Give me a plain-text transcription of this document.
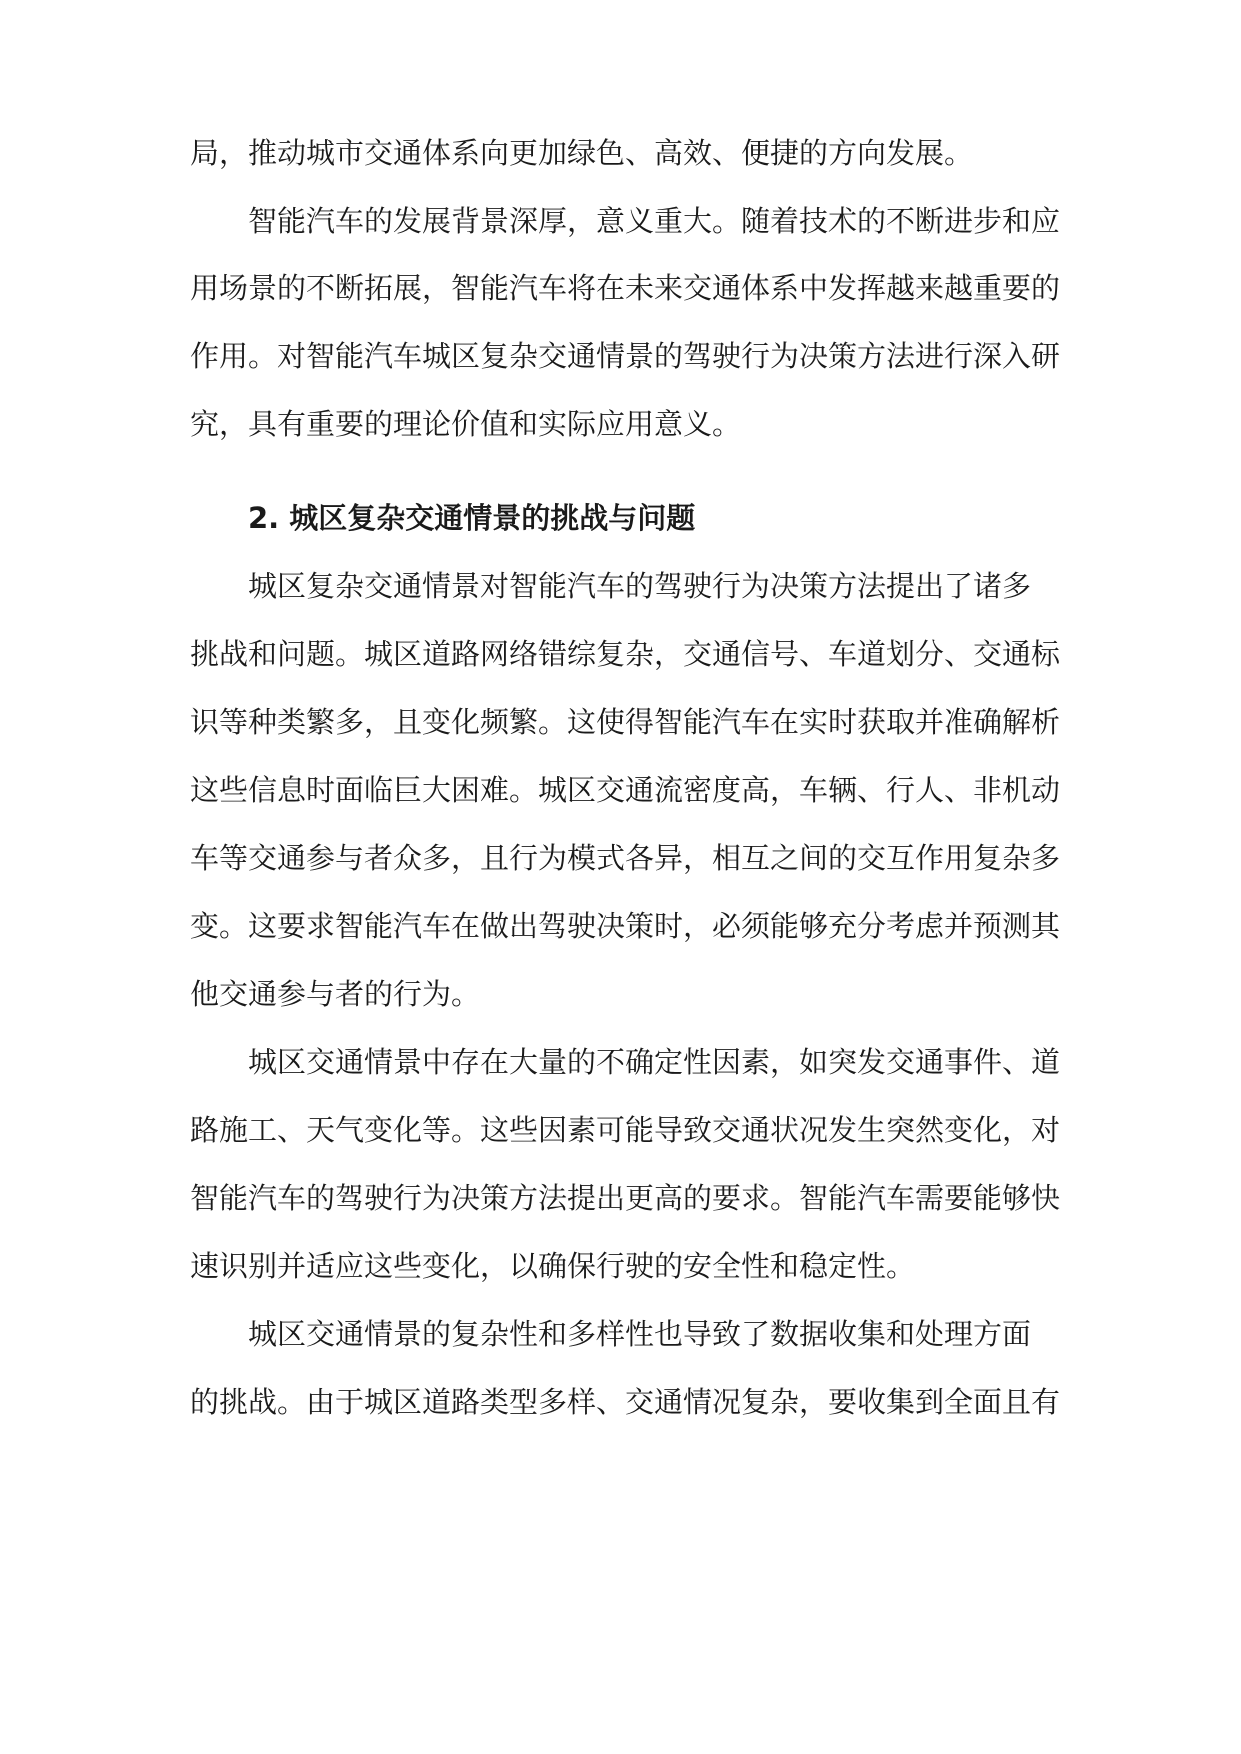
局，推动城市交通体系向更加绿色、高效、便捷的方向发展。
智能汽车的发展背景深厚，意义重大。随着技术的不断进步和应
用场景的不断拓展，智能汽车将在未来交通体系中发挥越来越重要的
作用。对智能汽车城区复杂交通情景的驾驶行为决策方法进行深入研
究，具有重要的理论价值和实际应用意义。
2. 城区复杂交通情景的挑战与问题
城区复杂交通情景对智能汽车的驾驶行为决策方法提出了诸多
挑战和问题。城区道路网络错综复杂，交通信号、车道划分、交通标
识等种类繁多，且变化频繁。这使得智能汽车在实时获取并准确解析
这些信息时面临巨大困难。城区交通流密度高，车辆、行人、非机动
车等交通参与者众多，且行为模式各异，相互之间的交互作用复杂多
变。这要求智能汽车在做出驾驶决策时，必须能够充分考虑并预测其
他交通参与者的行为。
城区交通情景中存在大量的不确定性因素，如突发交通事件、道
路施工、天气变化等。这些因素可能导致交通状况发生突然变化，对
智能汽车的驾驶行为决策方法提出更高的要求。智能汽车需要能够快
速识别并适应这些变化，以确保行驶的安全性和稳定性。
城区交通情景的复杂性和多样性也导致了数据收集和处理方面
的挑战。由于城区道路类型多样、交通情况复杂，要收集到全面且有
